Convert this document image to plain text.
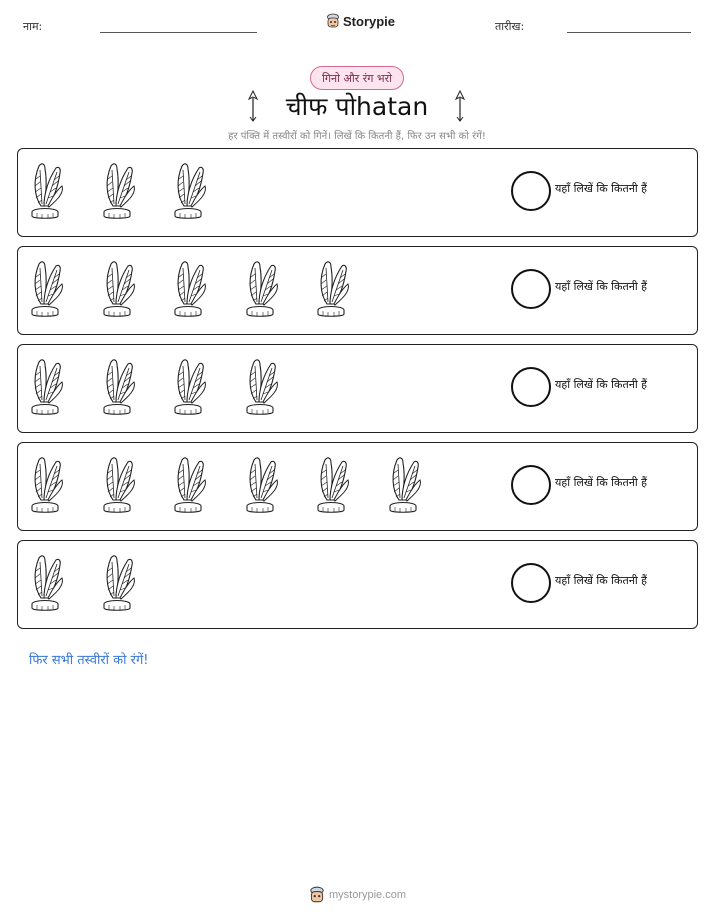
नाम:	Storypie	तारीख:
गिनो और रंग भरो
चीफ पोhatan
हर पंक्ति में तस्वीरों को गिनें। लिखें कि कितनी हैं, फिर उन सभी को रंगें!
यहाँ लिखें कि कितनी हैं
यहाँ लिखें कि कितनी हैं
यहाँ लिखें कि कितनी हैं
यहाँ लिखें कि कितनी हैं
यहाँ लिखें कि कितनी हैं
फिर सभी तस्वीरों को रंगें!
mystorypie.com
